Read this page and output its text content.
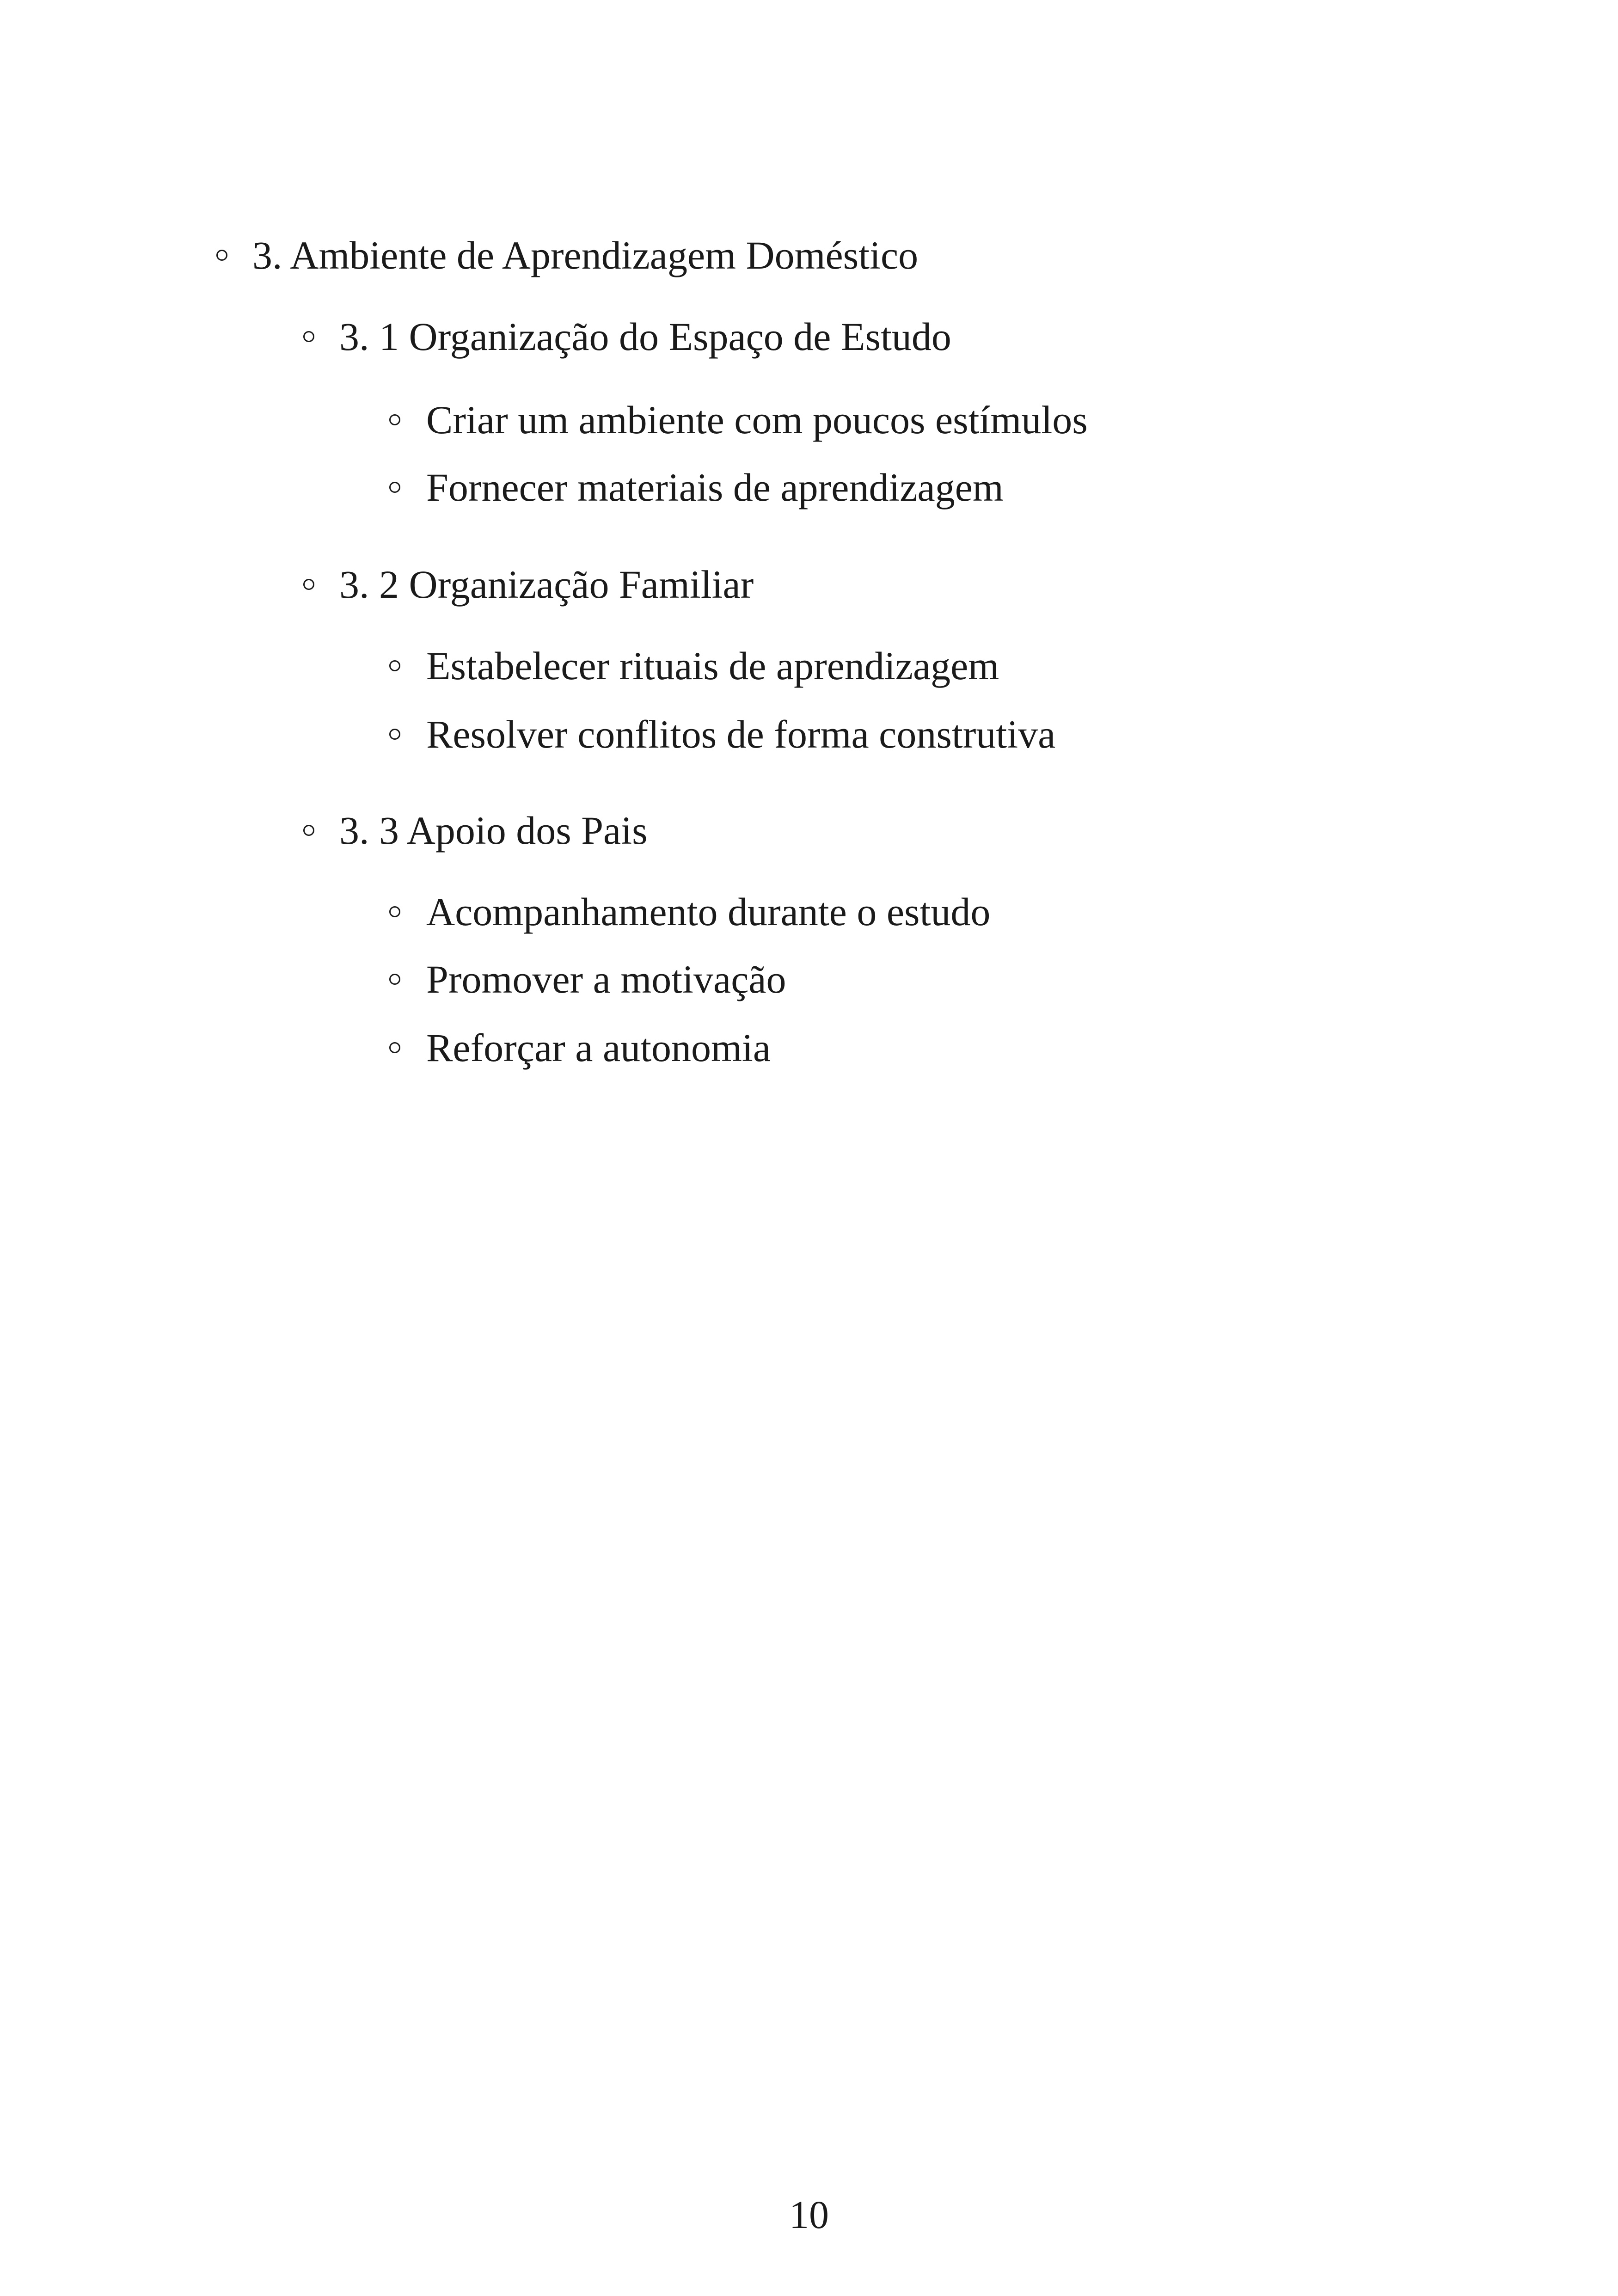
3. Ambiente de Aprendizagem Doméstico
3. 1 Organização do Espaço de Estudo
Criar um ambiente com poucos estímulos
Fornecer materiais de aprendizagem
3. 2 Organização Familiar
Estabelecer rituais de aprendizagem
Resolver conflitos de forma construtiva
3. 3 Apoio dos Pais
Acompanhamento durante o estudo
Promover a motivação
Reforçar a autonomia
10
